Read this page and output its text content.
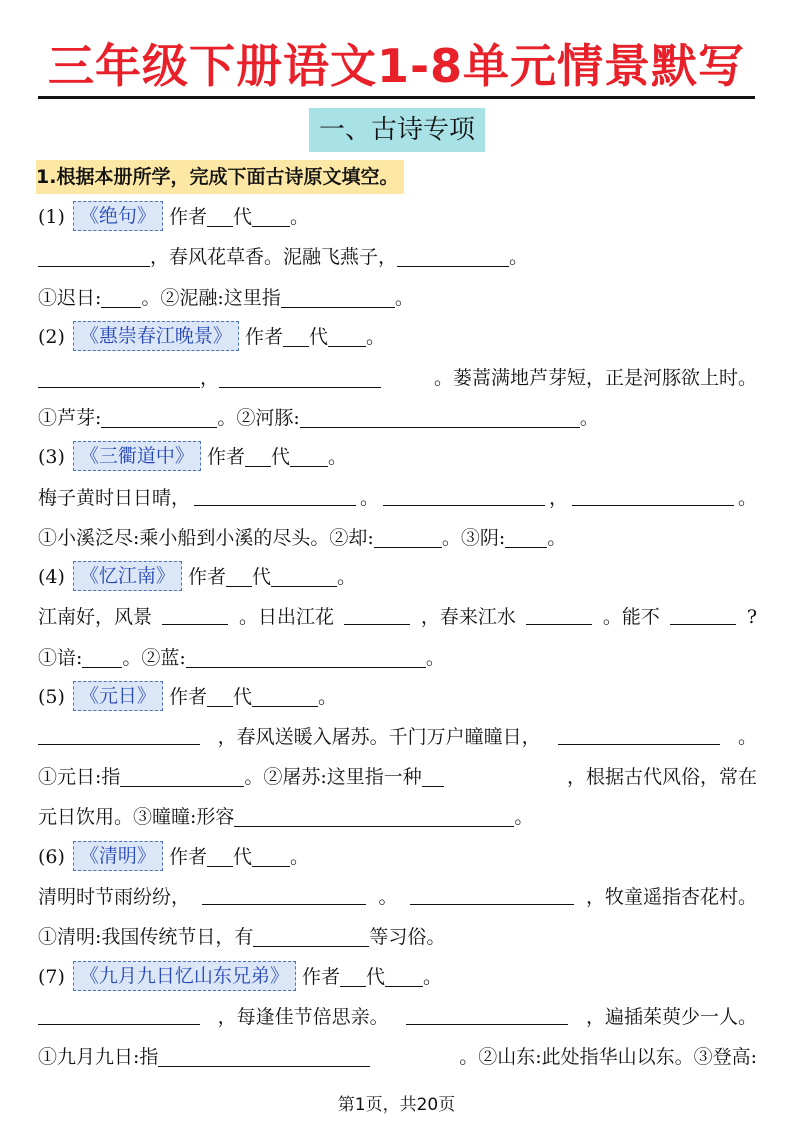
三年级下册语文1-8单元情景默写
一、古诗专项
1.根据本册所学，完成下面古诗原文填空。
(1) 《绝句》 作者 代 。
，春风花草香。泥融飞燕子，	。
①迟日: 。②泥融:这里指	。
(2) 《惠崇春江晚景》 作者 代 。
，	。蒌蒿满地芦芽短，正是河豚欲上时。
①芦芽:	。②河豚:	。
(3) 《三衢道中》 作者 代 。
梅子黄时日日晴，	。	，	。
①小溪泛尽:乘小船到小溪的尽头。②却:	。③阴: 。
(4) 《忆江南》 作者 代	。
江南好，风景	。日出江花	，春来江水	。能不	?
①谙: 。②蓝:	。
(5) 《元日》 作者 代	。
，春风送暖入屠苏。千门万户曈曈日，	。
①元日:指	。②屠苏:这里指一种	，根据古代风俗，常在
元日饮用。③曈曈:形容	。
(6) 《清明》 作者 代 。
清明时节雨纷纷，	。	，牧童遥指杏花村。
①清明:我国传统节日，有	等习俗。
(7) 《九月九日忆山东兄弟》 作者 代 。
，每逢佳节倍思亲。	，遍插茱萸少一人。
①九月九日:指	。②山东:此处指华山以东。③登高:
第1页，共20页
